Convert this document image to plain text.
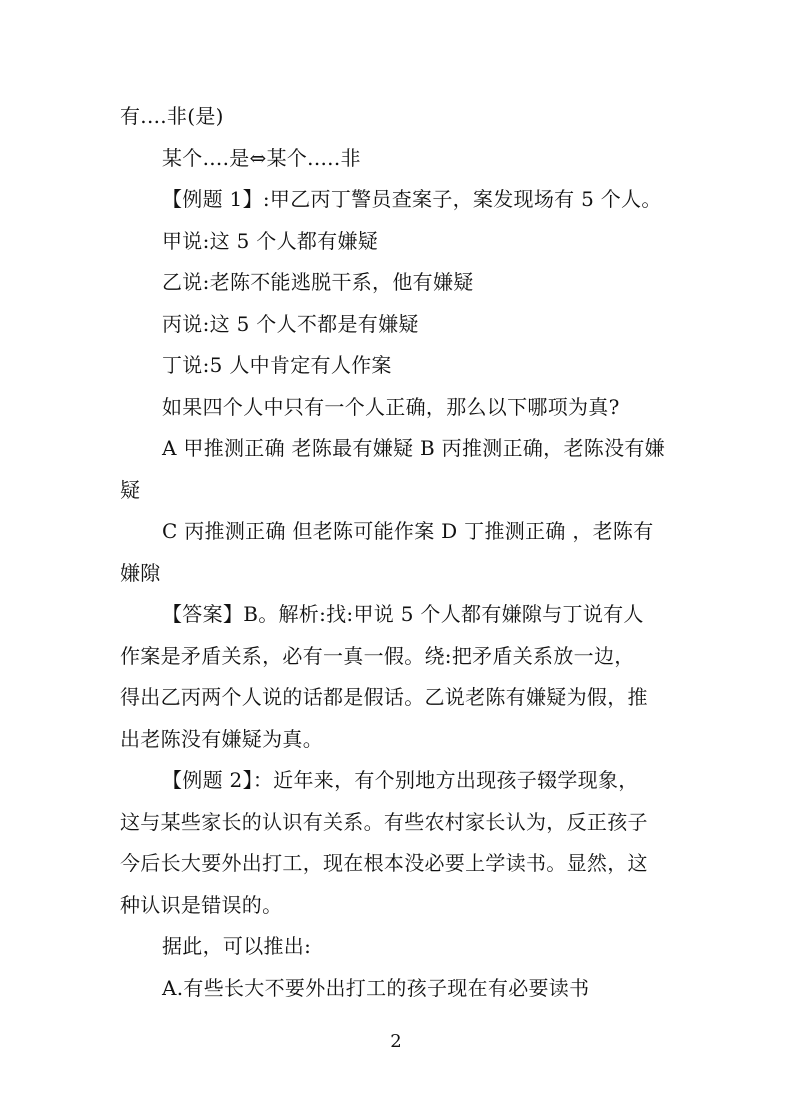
有....非(是)
某个....是⇔某个.....非
【例题 1】:甲乙丙丁警员查案子，案发现场有 5 个人。
甲说:这 5 个人都有嫌疑
乙说:老陈不能逃脱干系，他有嫌疑
丙说:这 5 个人不都是有嫌疑
丁说:5 人中肯定有人作案
如果四个人中只有一个人正确，那么以下哪项为真?
A 甲推测正确 老陈最有嫌疑 B 丙推测正确，老陈没有嫌
疑
C 丙推测正确 但老陈可能作案 D 丁推测正确 ，老陈有
嫌隙
【答案】B。解析:找:甲说 5 个人都有嫌隙与丁说有人
作案是矛盾关系，必有一真一假。绕:把矛盾关系放一边，
得出乙丙两个人说的话都是假话。乙说老陈有嫌疑为假，推
出老陈没有嫌疑为真。
【例题 2】：近年来，有个别地方出现孩子辍学现象，
这与某些家长的认识有关系。有些农村家长认为，反正孩子
今后长大要外出打工，现在根本没必要上学读书。显然，这
种认识是错误的。
据此，可以推出:
A.有些长大不要外出打工的孩子现在有必要读书
2
